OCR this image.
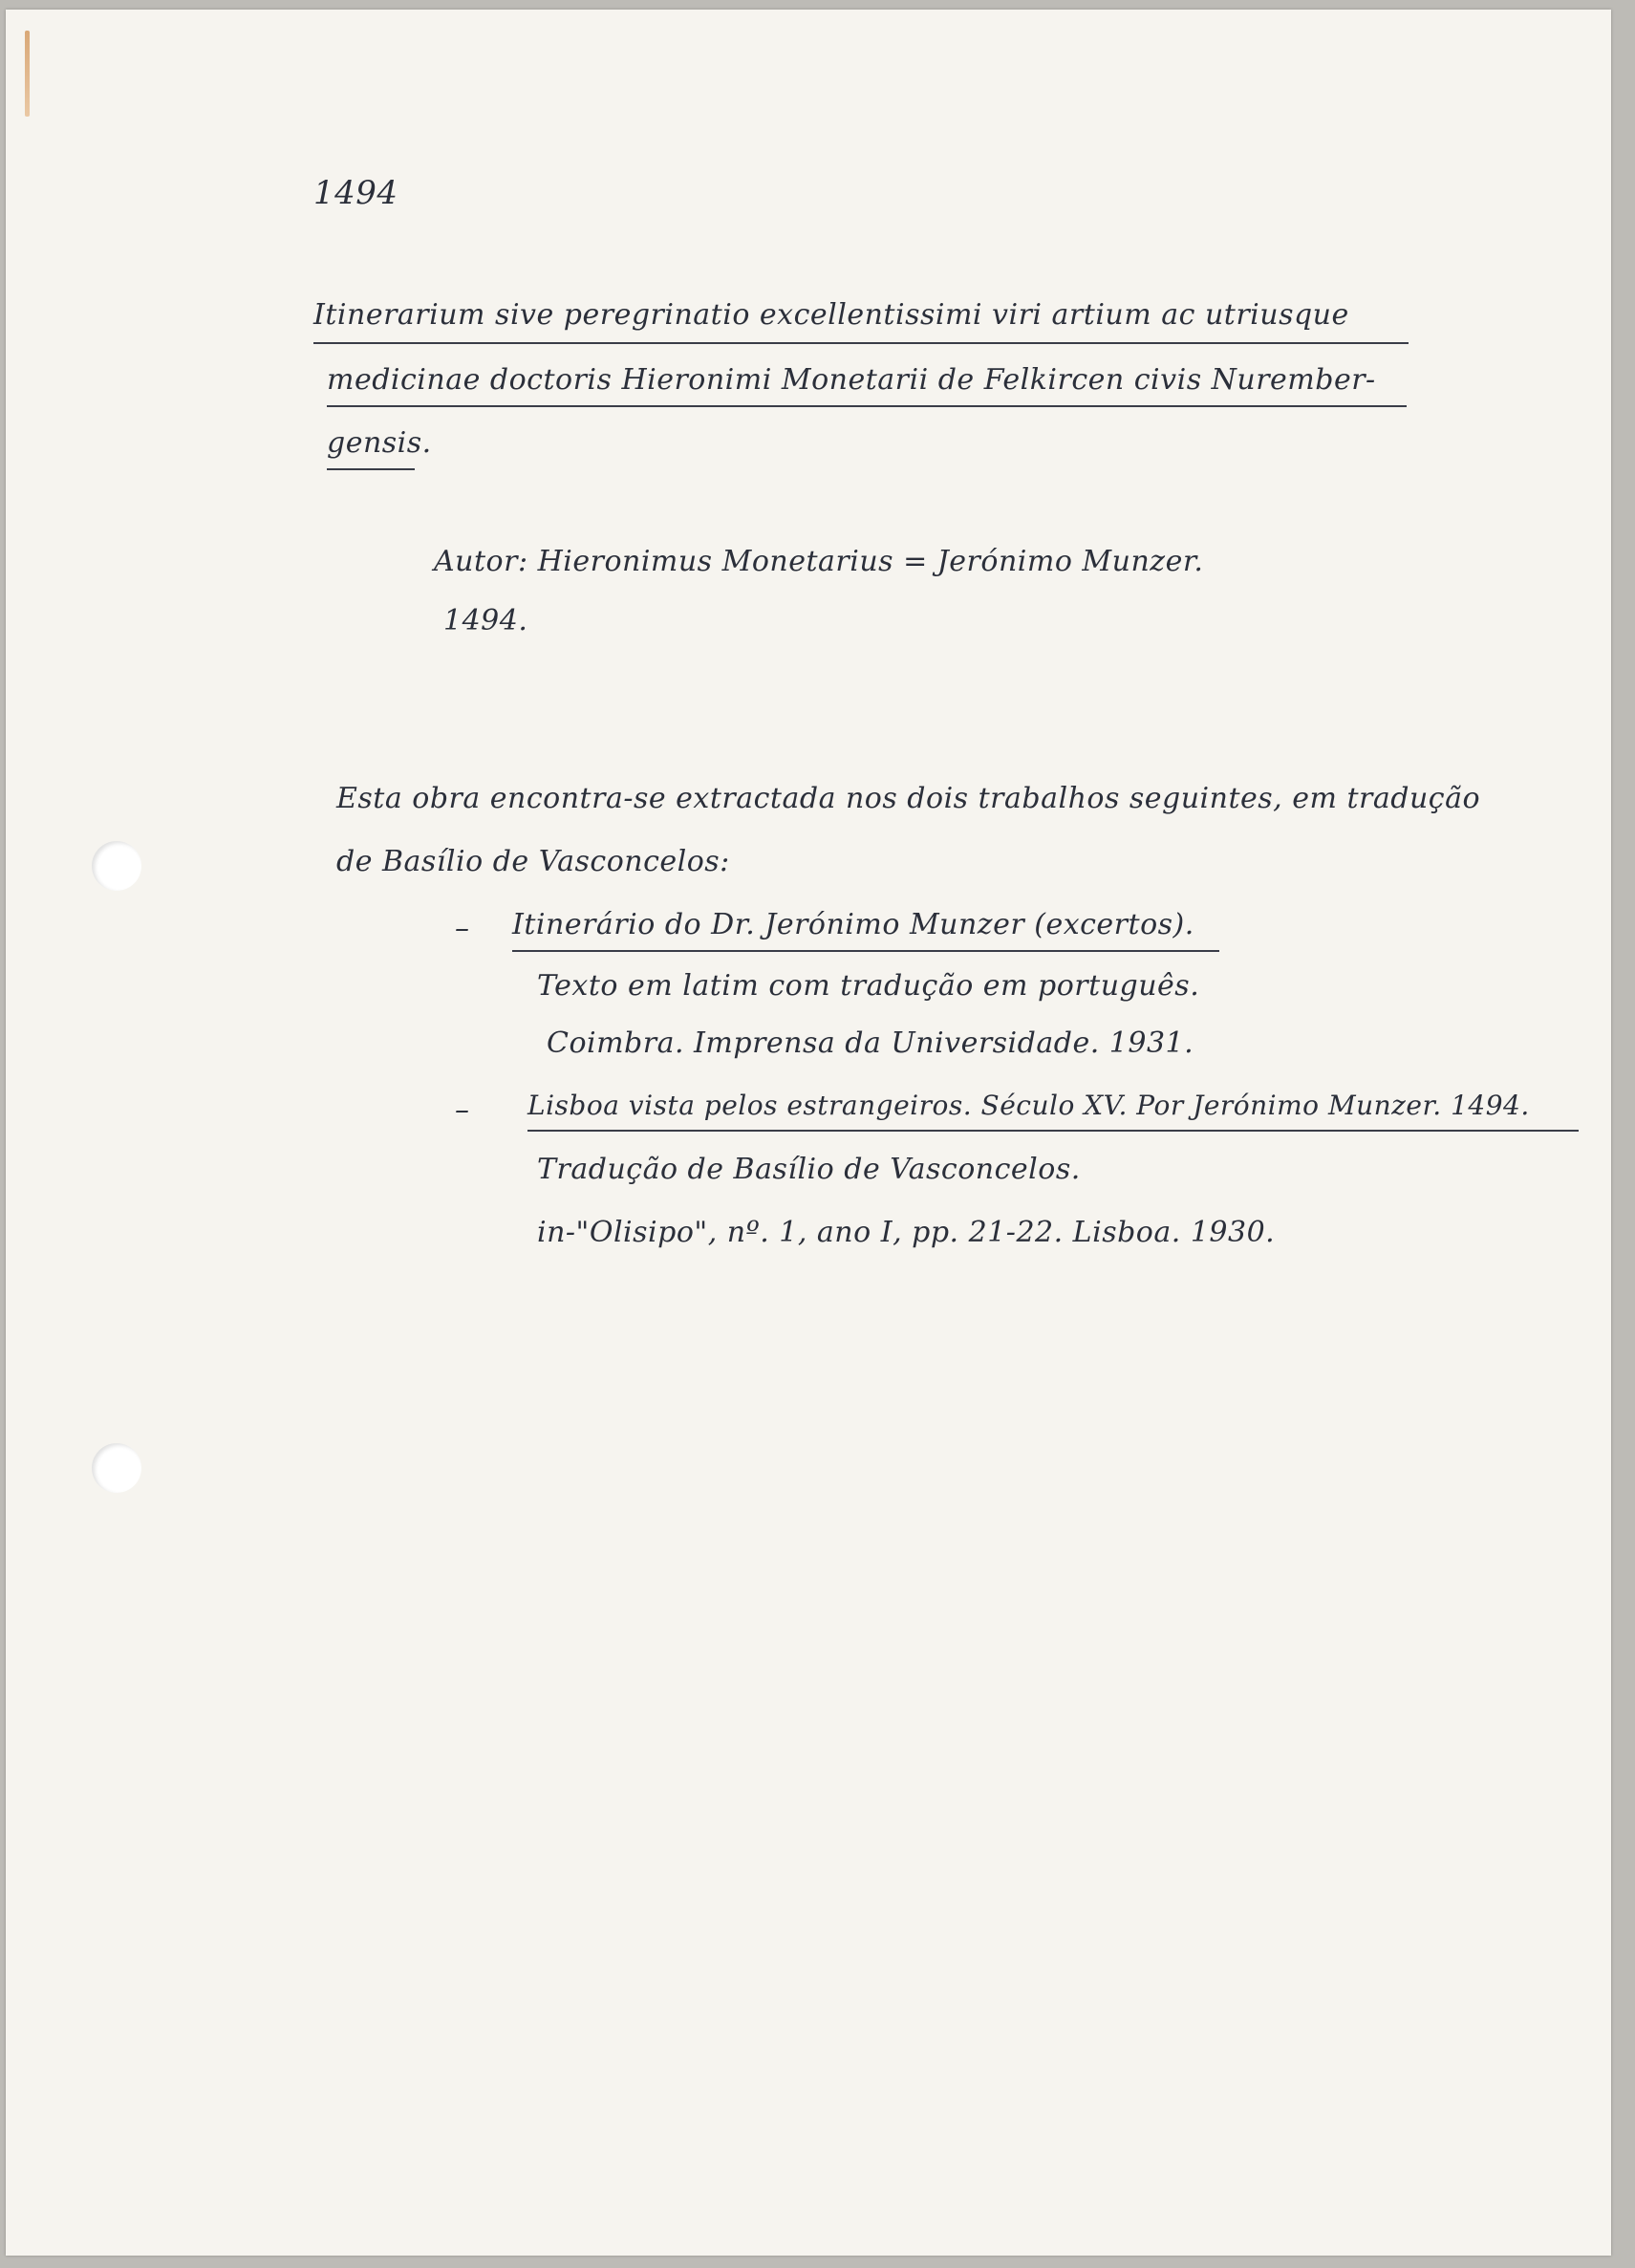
1494

Itinerarium sive peregrinatio excellentissimi viri artium ac utriusque

medicinae doctoris Hieronimi Monetarii de Felkircen civis Nurember-

gensis.

Autor: Hieronimus Monetarius = Jerónimo Munzer.

1494.

Esta obra encontra-se extractada nos dois trabalhos seguintes, em tradução

de Basílio de Vasconcelos:

– Itinerário do Dr. Jerónimo Munzer (excertos).

Texto em latim com tradução em português.

Coimbra. Imprensa da Universidade. 1931.

– Lisboa vista pelos estrangeiros. Século XV. Por Jerónimo Munzer. 1494.

Tradução de Basílio de Vasconcelos.

in-"Olisipo", nº. 1, ano I, pp. 21-22. Lisboa. 1930.
